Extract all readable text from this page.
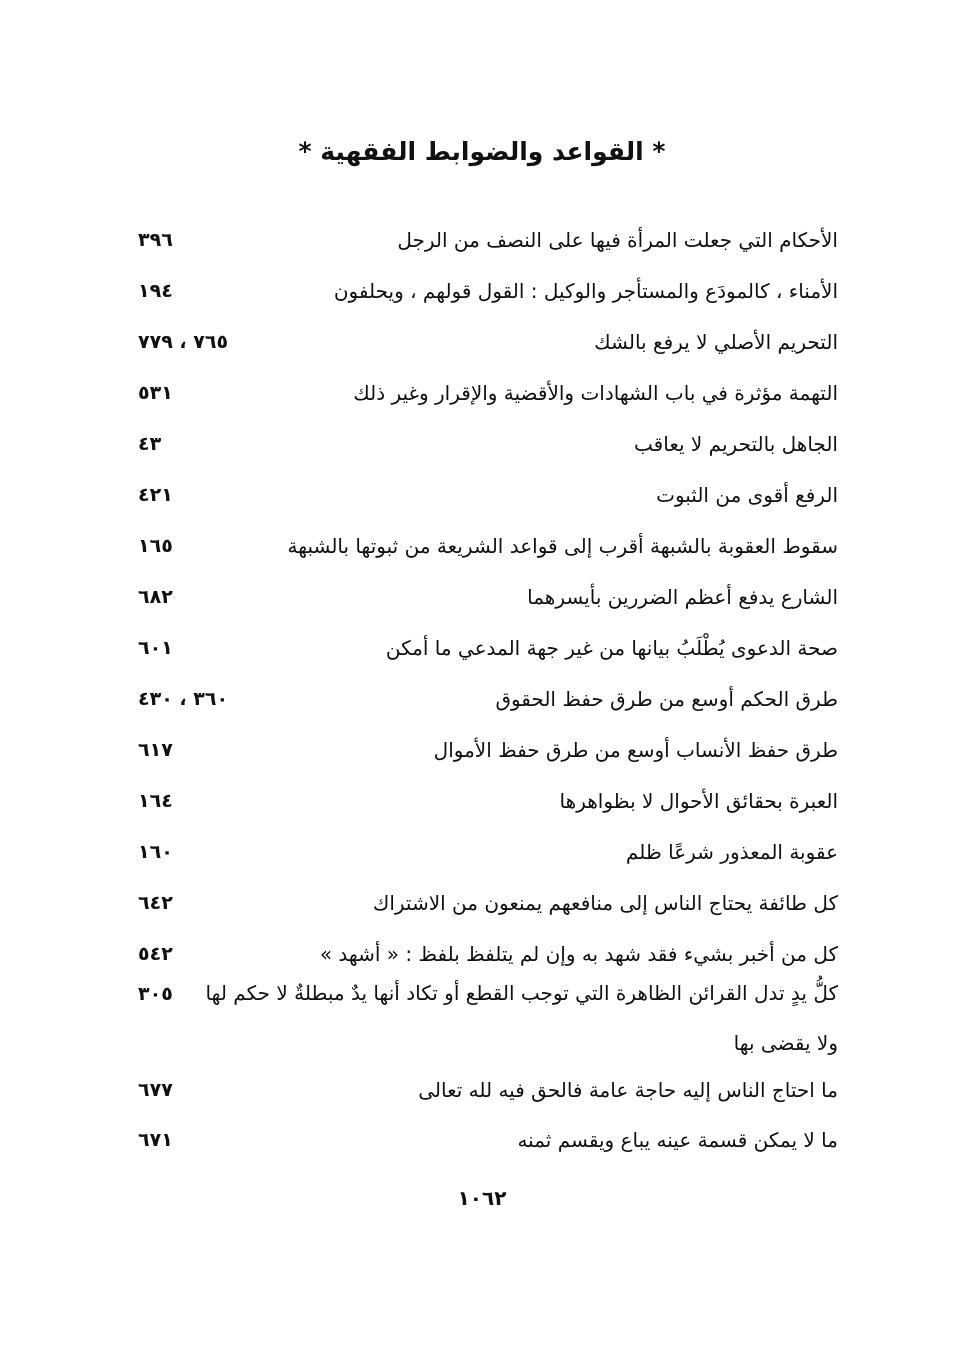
* القواعد والضوابط الفقهية *
الأحكام التي جعلت المرأة فيها على النصف من الرجل
٣٩٦
الأمناء ، كالمودَع والمستأجر والوكيل : القول قولهم ، ويحلفون
١٩٤
التحريم الأصلي لا يرفع بالشك
٧٦٥ ، ٧٧٩
التهمة مؤثرة في باب الشهادات والأقضية والإقرار وغير ذلك
٥٣١
الجاهل بالتحريم لا يعاقب
٤٣
الرفع أقوى من الثبوت
٤٢١
سقوط العقوبة بالشبهة أقرب إلى قواعد الشريعة من ثبوتها بالشبهة
١٦٥
الشارع يدفع أعظم الضررين بأيسرهما
٦٨٢
صحة الدعوى يُطْلَبُ بيانها من غير جهة المدعي ما أمكن
٦٠١
طرق الحكم أوسع من طرق حفظ الحقوق
٣٦٠ ، ٤٣٠
طرق حفظ الأنساب أوسع من طرق حفظ الأموال
٦١٧
العبرة بحقائق الأحوال لا بظواهرها
١٦٤
عقوبة المعذور شرعًا ظلم
١٦٠
كل طائفة يحتاج الناس إلى منافعهم يمنعون من الاشتراك
٦٤٢
كل من أخبر بشيء فقد شهد به وإن لم يتلفظ بلفظ : « أشهد »
٥٤٢
كلُّ يدٍ تدل القرائن الظاهرة التي توجب القطع أو تكاد أنها يدٌ مبطلةٌ لا حكم لها ولا يقضى بها
٣٠٥
ما احتاج الناس إليه حاجة عامة فالحق فيه لله تعالى
٦٧٧
ما لا يمكن قسمة عينه يباع ويقسم ثمنه
٦٧١
١٠٦٢
